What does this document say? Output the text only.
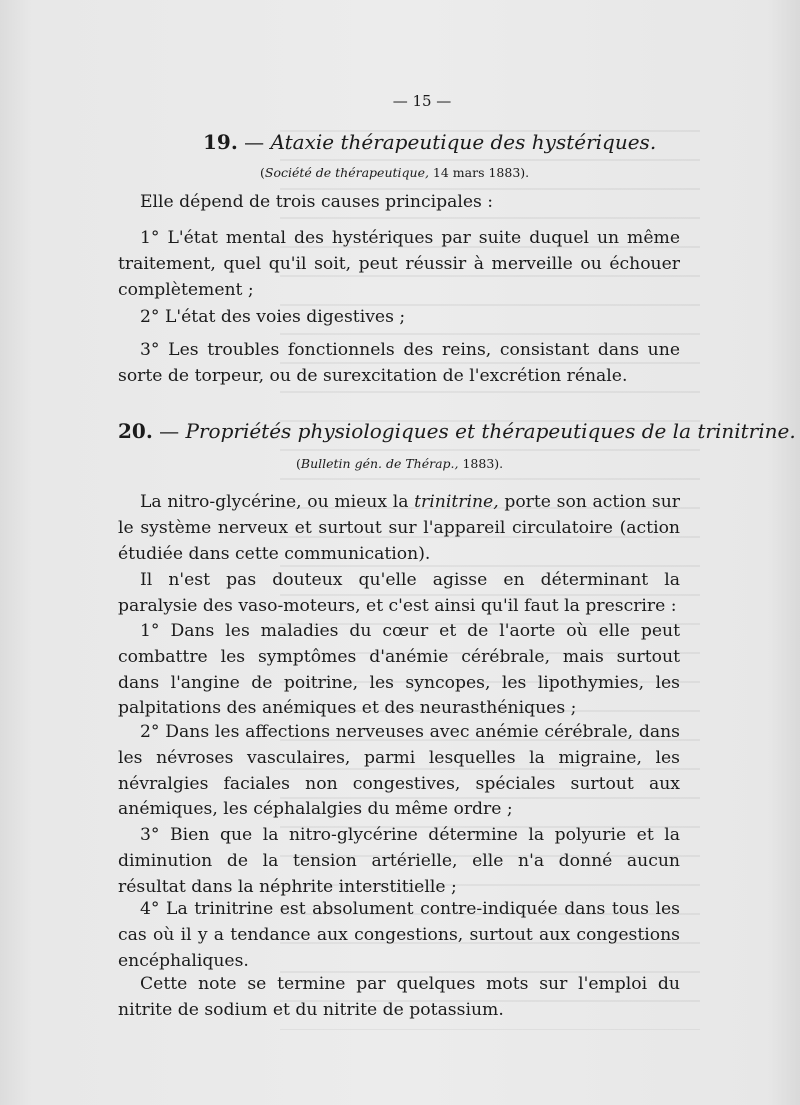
— 15 —
19. — Ataxie thérapeutique des hystériques.
(Société de thérapeutique, 14 mars 1883).

Elle dépend de trois causes principales :

1° L'état mental des hystériques par suite duquel un même traitement, quel qu'il soit, peut réussir à merveille ou échouer complètement ;

2° L'état des voies digestives ;

3° Les troubles fonctionnels des reins, consistant dans une sorte de torpeur, ou de surexcitation de l'excrétion rénale.

20. — Propriétés physiologiques et thérapeutiques de la trinitrine.
(Bulletin gén. de Thérap., 1883).

La nitro-glycérine, ou mieux la trinitrine, porte son action sur le système nerveux et surtout sur l'appareil circulatoire (action étudiée dans cette communication).

Il n'est pas douteux qu'elle agisse en déterminant la paralysie des vaso-moteurs, et c'est ainsi qu'il faut la prescrire :

1° Dans les maladies du cœur et de l'aorte où elle peut combattre les symptômes d'anémie cérébrale, mais surtout dans l'angine de poitrine, les syncopes, les lipothymies, les palpitations des anémiques et des neurasthéniques ;

2° Dans les affections nerveuses avec anémie cérébrale, dans les névroses vasculaires, parmi lesquelles la migraine, les névralgies faciales non congestives, spéciales surtout aux anémiques, les céphalalgies du même ordre ;

3° Bien que la nitro-glycérine détermine la polyurie et la diminution de la tension artérielle, elle n'a donné aucun résultat dans la néphrite interstitielle ;

4° La trinitrine est absolument contre-indiquée dans tous les cas où il y a tendance aux congestions, surtout aux congestions encéphaliques.

Cette note se termine par quelques mots sur l'emploi du nitrite de sodium et du nitrite de potassium.
